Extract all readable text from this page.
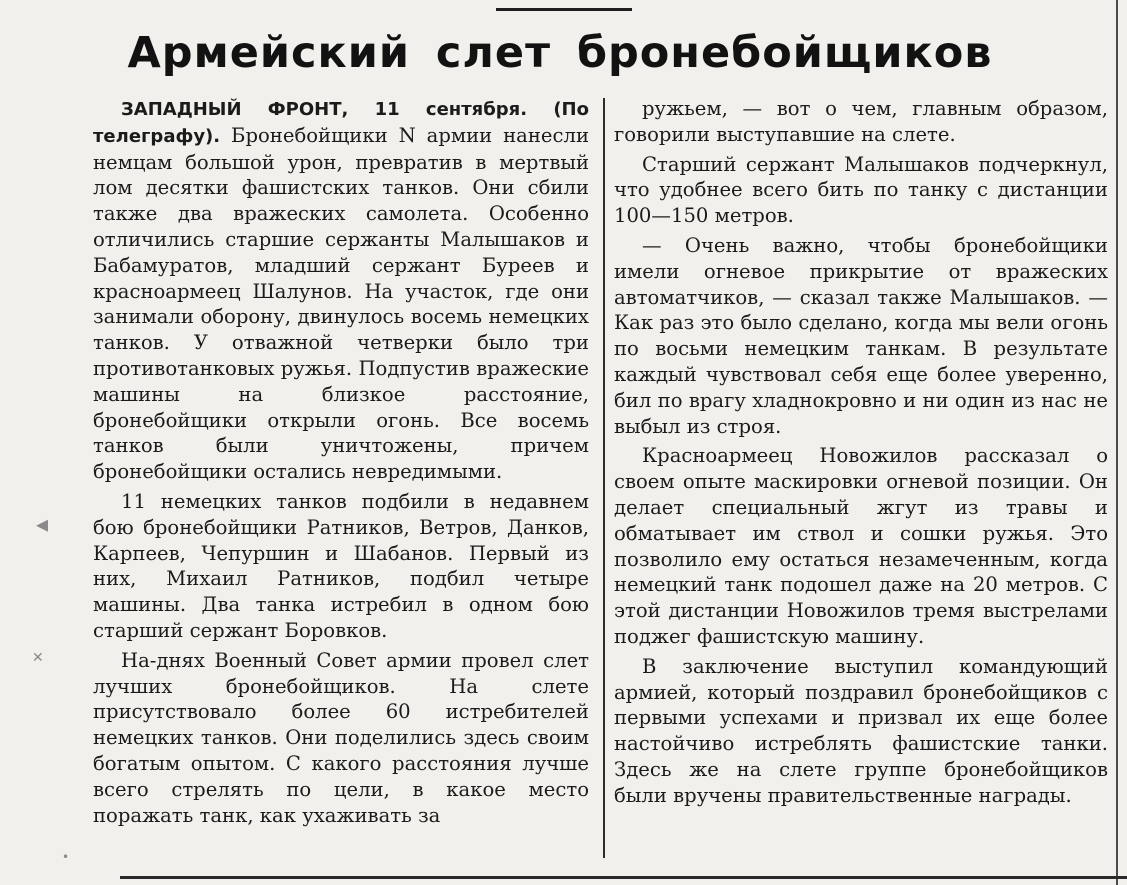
Армейский слет бронебойщиков

ЗАПАДНЫЙ ФРОНТ, 11 сентября. (По телеграфу). Бронебойщики N армии нанесли немцам большой урон, превратив в мертвый лом десятки фашистских танков. Они сбили также два вражеских самолета. Особенно отличились старшие сержанты Малышаков и Бабамуратов, младший сержант Буреев и красноармеец Шалунов. На участок, где они занимали оборону, двинулось восемь немецких танков. У отважной четверки было три противотанковых ружья. Подпустив вражеские машины на близкое расстояние, бронебойщики открыли огонь. Все восемь танков были уничтожены, причем бронебойщики остались невредимыми.

11 немецких танков подбили в недавнем бою бронебойщики Ратников, Ветров, Данков, Карпеев, Чепуршин и Шабанов. Первый из них, Михаил Ратников, подбил четыре машины. Два танка истребил в одном бою старший сержант Боровков.

На-днях Военный Совет армии провел слет лучших бронебойщиков. На слете присутствовало более 60 истребителей немецких танков. Они поделились здесь своим богатым опытом. С какого расстояния лучше всего стрелять по цели, в какое место поражать танк, как ухаживать за

ружьем, — вот о чем, главным образом, говорили выступавшие на слете.

Старший сержант Малышаков подчеркнул, что удобнее всего бить по танку с дистанции 100—150 метров.

— Очень важно, чтобы бронебойщики имели огневое прикрытие от вражеских автоматчиков, — сказал также Малышаков. — Как раз это было сделано, когда мы вели огонь по восьми немецким танкам. В результате каждый чувствовал себя еще более уверенно, бил по врагу хладнокровно и ни один из нас не выбыл из строя.

Красноармеец Новожилов рассказал о своем опыте маскировки огневой позиции. Он делает специальный жгут из травы и обматывает им ствол и сошки ружья. Это позволило ему остаться незамеченным, когда немецкий танк подошел даже на 20 метров. С этой дистанции Новожилов тремя выстрелами поджег фашистскую машину.

В заключение выступил командующий армией, который поздравил бронебойщиков с первыми успехами и призвал их еще более настойчиво истреблять фашистские танки. Здесь же на слете группе бронебойщиков были вручены правительственные награды.

◂
✕
•
